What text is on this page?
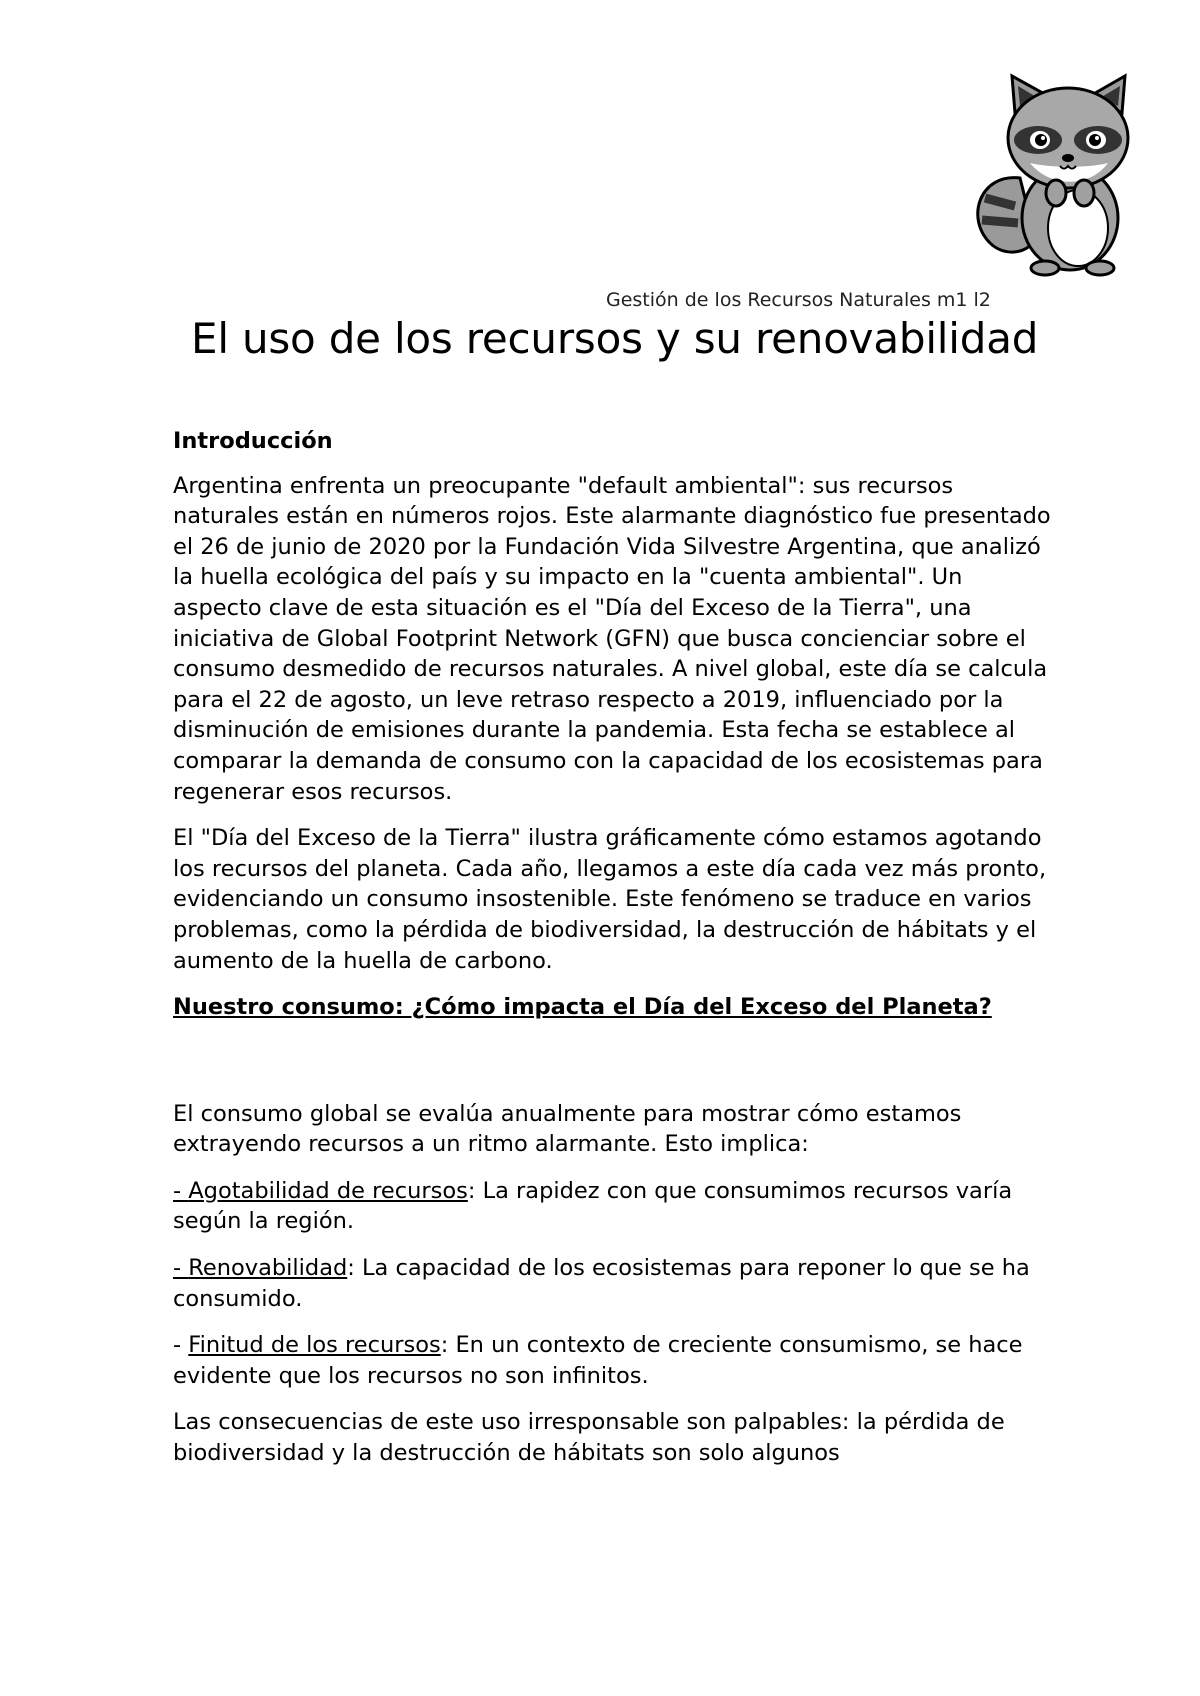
Gestión de los Recursos Naturales m1 l2
El uso de los recursos y su renovabilidad

Introducción

Argentina enfrenta un preocupante "default ambiental": sus recursos naturales están en números rojos. Este alarmante diagnóstico fue presentado el 26 de junio de 2020 por la Fundación Vida Silvestre Argentina, que analizó la huella ecológica del país y su impacto en la "cuenta ambiental". Un aspecto clave de esta situación es el "Día del Exceso de la Tierra", una iniciativa de Global Footprint Network (GFN) que busca concienciar sobre el consumo desmedido de recursos naturales. A nivel global, este día se calcula para el 22 de agosto, un leve retraso respecto a 2019, influenciado por la disminución de emisiones durante la pandemia. Esta fecha se establece al comparar la demanda de consumo con la capacidad de los ecosistemas para regenerar esos recursos.

El "Día del Exceso de la Tierra" ilustra gráficamente cómo estamos agotando los recursos del planeta. Cada año, llegamos a este día cada vez más pronto, evidenciando un consumo insostenible. Este fenómeno se traduce en varios problemas, como la pérdida de biodiversidad, la destrucción de hábitats y el aumento de la huella de carbono.

Nuestro consumo: ¿Cómo impacta el Día del Exceso del Planeta?

El consumo global se evalúa anualmente para mostrar cómo estamos extrayendo recursos a un ritmo alarmante. Esto implica:

- Agotabilidad de recursos: La rapidez con que consumimos recursos varía según la región.

- Renovabilidad: La capacidad de los ecosistemas para reponer lo que se ha consumido.

- Finitud de los recursos: En un contexto de creciente consumismo, se hace evidente que los recursos no son infinitos.

Las consecuencias de este uso irresponsable son palpables: la pérdida de biodiversidad y la destrucción de hábitats son solo algunos
